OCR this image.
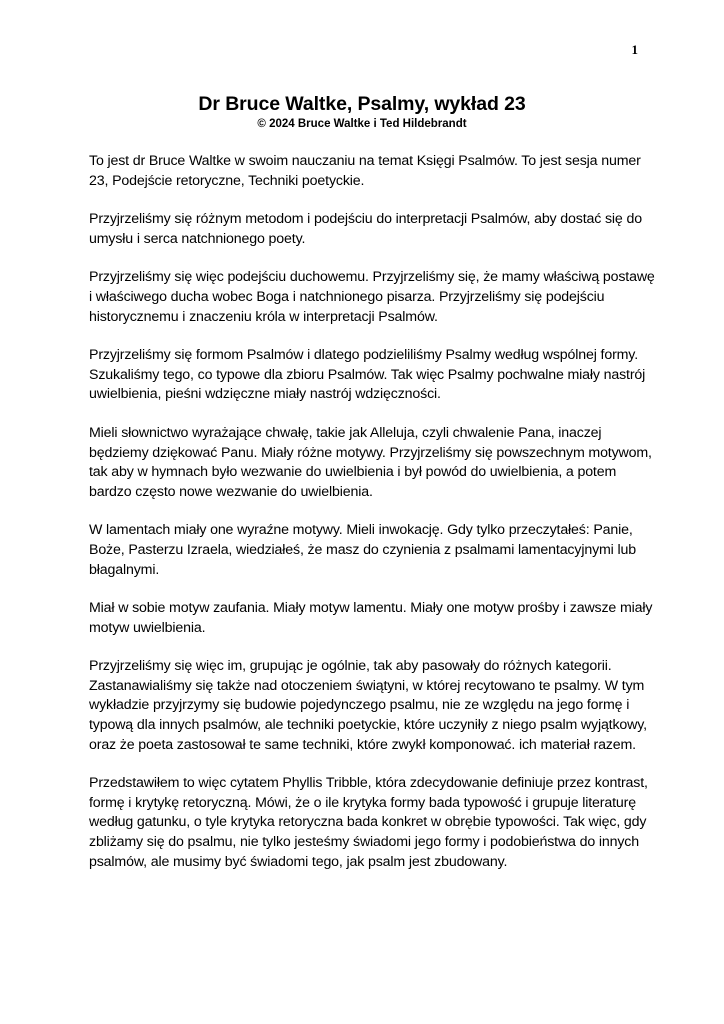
1
Dr Bruce Waltke, Psalmy, wykład 23
© 2024 Bruce Waltke i Ted Hildebrandt

To jest dr Bruce Waltke w swoim nauczaniu na temat Księgi Psalmów. To jest sesja numer 23, Podejście retoryczne, Techniki poetyckie.

Przyjrzeliśmy się różnym metodom i podejściu do interpretacji Psalmów, aby dostać się do umysłu i serca natchnionego poety.

Przyjrzeliśmy się więc podejściu duchowemu. Przyjrzeliśmy się, że mamy właściwą postawę i właściwego ducha wobec Boga i natchnionego pisarza. Przyjrzeliśmy się podejściu historycznemu i znaczeniu króla w interpretacji Psalmów.

Przyjrzeliśmy się formom Psalmów i dlatego podzieliliśmy Psalmy według wspólnej formy. Szukaliśmy tego, co typowe dla zbioru Psalmów. Tak więc Psalmy pochwalne miały nastrój uwielbienia, pieśni wdzięczne miały nastrój wdzięczności.

Mieli słownictwo wyrażające chwałę, takie jak Alleluja, czyli chwalenie Pana, inaczej będziemy dziękować Panu. Miały różne motywy. Przyjrzeliśmy się powszechnym motywom, tak aby w hymnach było wezwanie do uwielbienia i był powód do uwielbienia, a potem bardzo często nowe wezwanie do uwielbienia.

W lamentach miały one wyraźne motywy. Mieli inwokację. Gdy tylko przeczytałeś: Panie, Boże, Pasterzu Izraela, wiedziałeś, że masz do czynienia z psalmami lamentacyjnymi lub błagalnymi.

Miał w sobie motyw zaufania. Miały motyw lamentu. Miały one motyw prośby i zawsze miały motyw uwielbienia.

Przyjrzeliśmy się więc im, grupując je ogólnie, tak aby pasowały do różnych kategorii. Zastanawialiśmy się także nad otoczeniem świątyni, w której recytowano te psalmy. W tym wykładzie przyjrzymy się budowie pojedynczego psalmu, nie ze względu na jego formę i typową dla innych psalmów, ale techniki poetyckie, które uczyniły z niego psalm wyjątkowy, oraz że poeta zastosował te same techniki, które zwykł komponować. ich materiał razem.

Przedstawiłem to więc cytatem Phyllis Tribble, która zdecydowanie definiuje przez kontrast, formę i krytykę retoryczną. Mówi, że o ile krytyka formy bada typowość i grupuje literaturę według gatunku, o tyle krytyka retoryczna bada konkret w obrębie typowości. Tak więc, gdy zbliżamy się do psalmu, nie tylko jesteśmy świadomi jego formy i podobieństwa do innych psalmów, ale musimy być świadomi tego, jak psalm jest zbudowany.
